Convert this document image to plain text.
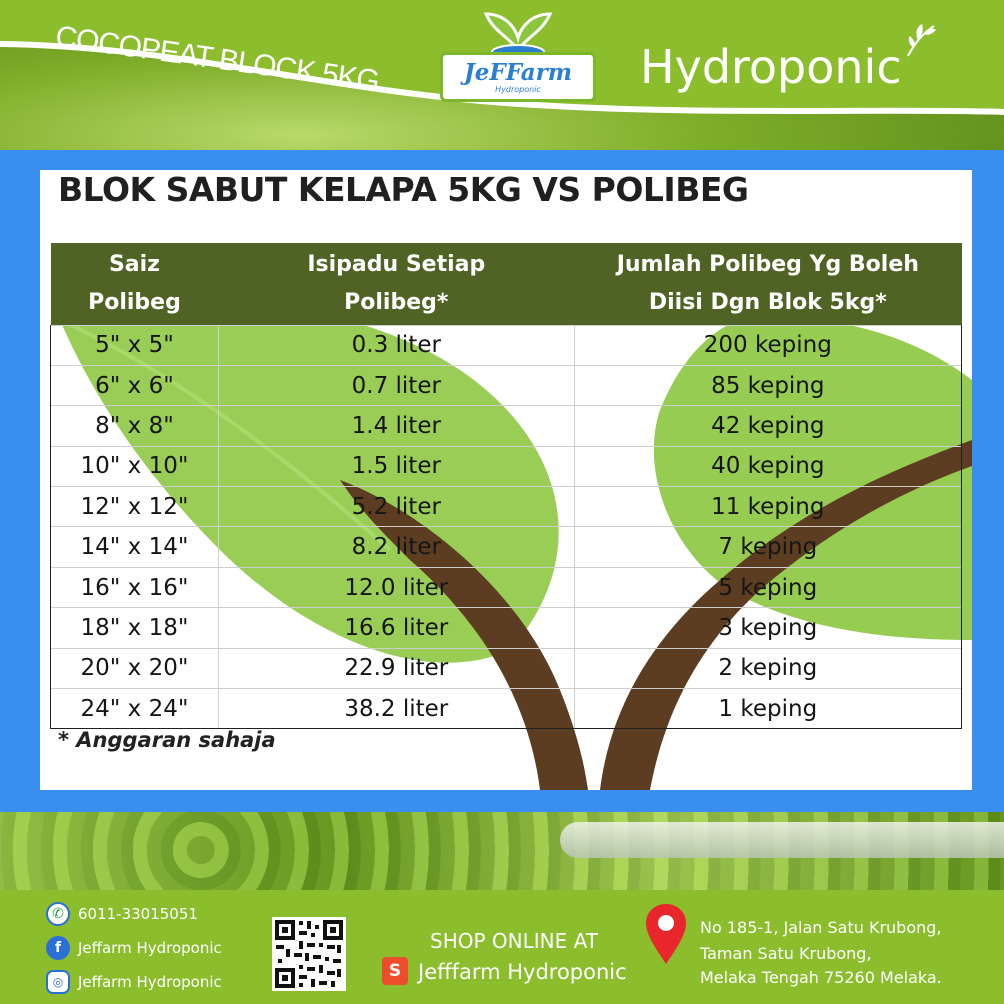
COCOPEAT BLOCK 5KG	JeFFarm
Hydroponic	Hydroponic
BLOK SABUT KELAPA 5KG VS POLIBEG
Saiz Polibeg	Isipadu Setiap Polibeg*	Jumlah Polibeg Yg Boleh Diisi Dgn Blok 5kg*
5" x 5"	0.3 liter	200 keping
6" x 6"	0.7 liter	85 keping
8" x 8"	1.4 liter	42 keping
10" x 10"	1.5 liter	40 keping
12" x 12"	5.2 liter	11 keping
14" x 14"	8.2 liter	7 keping
16" x 16"	12.0 liter	5 keping
18" x 18"	16.6 liter	3 keping
20" x 20"	22.9 liter	2 keping
24" x 24"	38.2 liter	1 keping
* Anggaran sahaja
✆ 6011-33015051
f	Jeffarm Hydroponic
◎ Jeffarm Hydroponic
SHOP ONLINE AT
S Jefffarm Hydroponic
No 185-1, Jalan Satu Krubong,
Taman Satu Krubong,
Melaka Tengah 75260 Melaka.
